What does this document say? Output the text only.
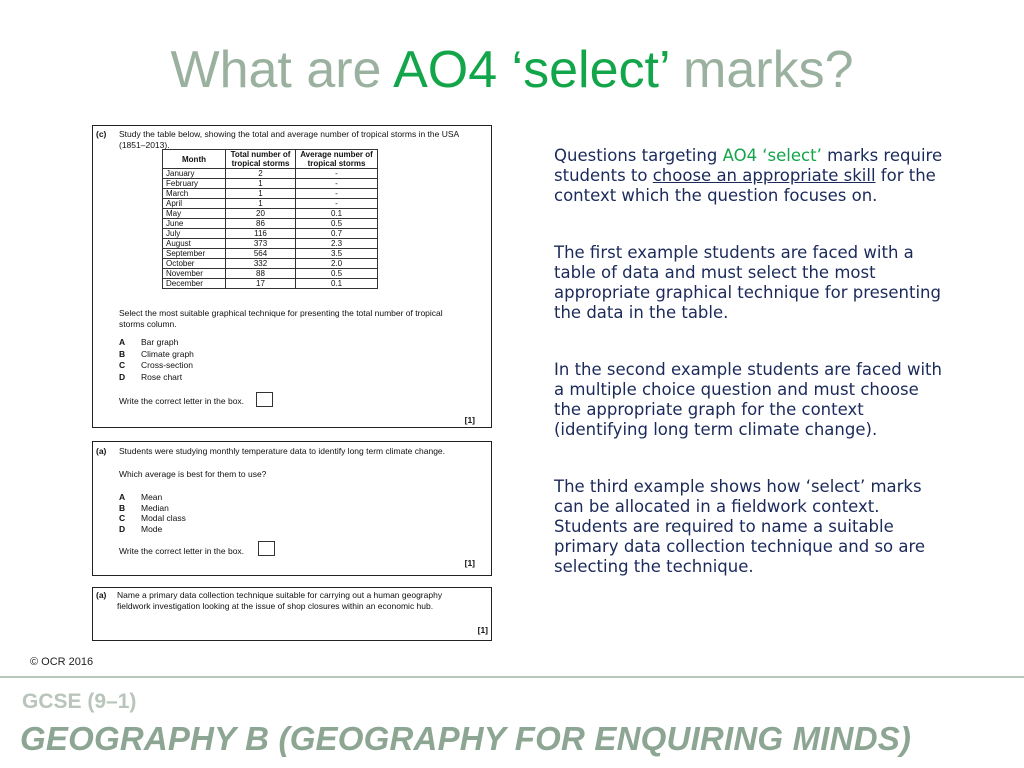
What are AO4 ‘select’ marks?
(c) Study the table below, showing the total and average number of tropical storms in the USA (1851–2013).
Month	Total number of tropical storms	Average number of tropical storms
January	2	-
February	1	-
March	1	-
April	1	-
May	20	0.1
June	86	0.5
July	116	0.7
August	373	2.3
September	564	3.5
October	332	2.0
November	88	0.5
December	17	0.1
Select the most suitable graphical technique for presenting the total number of tropical storms column.
A Bar graph
B Climate graph
C Cross-section
D Rose chart
Write the correct letter in the box.
[1]
(a) Students were studying monthly temperature data to identify long term climate change.
Which average is best for them to use?
A Mean
B Median
C Modal class
D Mode
Write the correct letter in the box.
[1]
(a) Name a primary data collection technique suitable for carrying out a human geography fieldwork investigation looking at the issue of shop closures within an economic hub.
[1]

Questions targeting AO4 ‘select’ marks require students to choose an appropriate skill for the context which the question focuses on.

The first example students are faced with a table of data and must select the most appropriate graphical technique for presenting the data in the table.

In the second example students are faced with a multiple choice question and must choose the appropriate graph for the context (identifying long term climate change).

The third example shows how ‘select’ marks can be allocated in a fieldwork context. Students are required to name a suitable primary data collection technique and so are selecting the technique.

© OCR 2016
GCSE (9–1)
GEOGRAPHY B (GEOGRAPHY FOR ENQUIRING MINDS)
